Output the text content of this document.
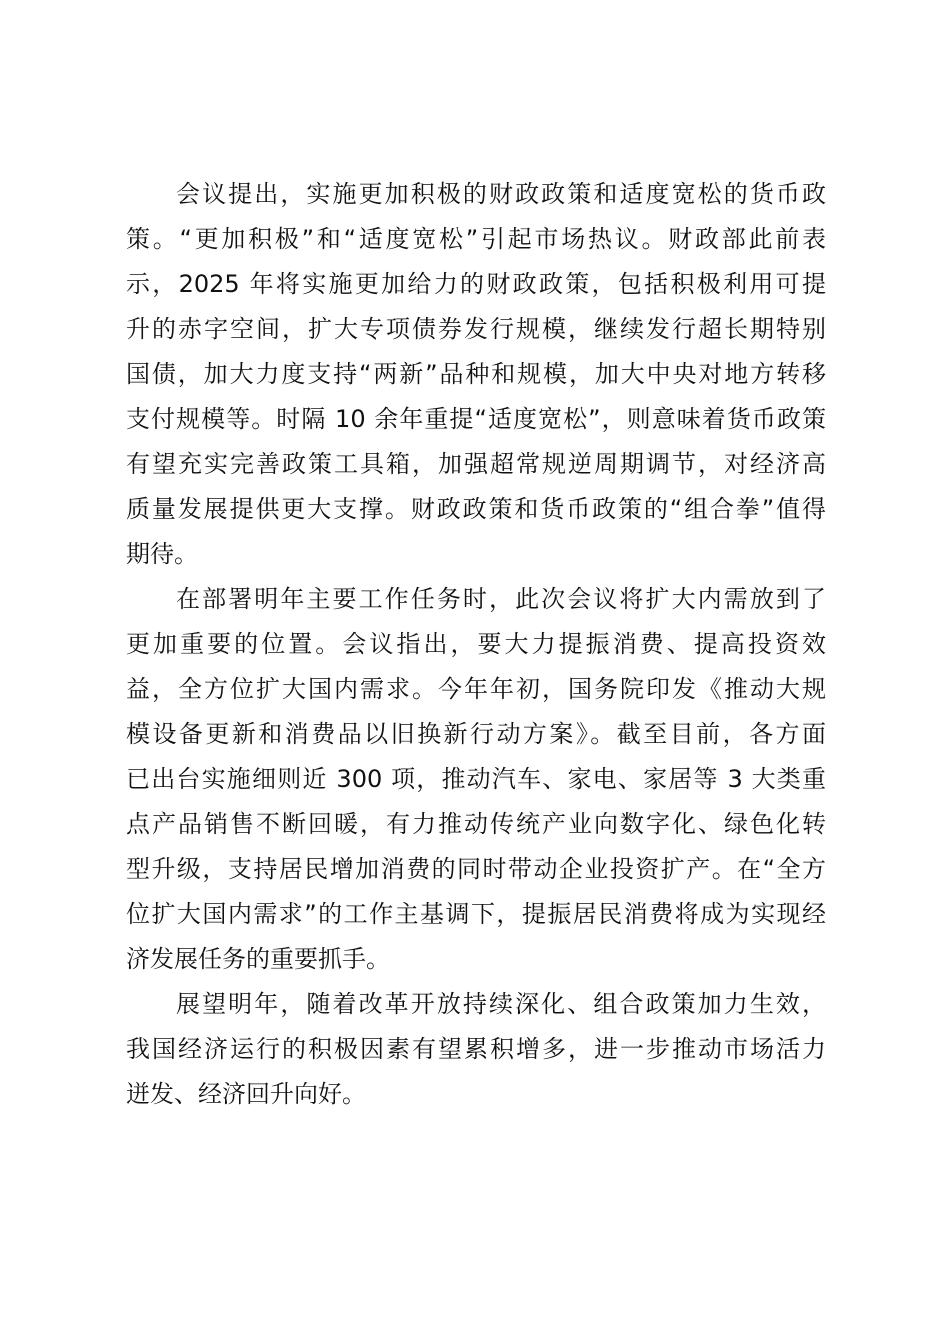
会议提出，实施更加积极的财政政策和适度宽松的货币政
策。“更加积极”和“适度宽松”引起市场热议。财政部此前表
示，2025 年将实施更加给力的财政政策，包括积极利用可提
升的赤字空间，扩大专项债券发行规模，继续发行超长期特别
国债，加大力度支持“两新”品种和规模，加大中央对地方转移
支付规模等。时隔 10 余年重提“适度宽松”，则意味着货币政策
有望充实完善政策工具箱，加强超常规逆周期调节，对经济高
质量发展提供更大支撑。财政政策和货币政策的“组合拳”值得
期待。
在部署明年主要工作任务时，此次会议将扩大内需放到了
更加重要的位置。会议指出，要大力提振消费、提高投资效
益，全方位扩大国内需求。今年年初，国务院印发《推动大规
模设备更新和消费品以旧换新行动方案》。截至目前，各方面
已出台实施细则近 300 项，推动汽车、家电、家居等 3 大类重
点产品销售不断回暖，有力推动传统产业向数字化、绿色化转
型升级，支持居民增加消费的同时带动企业投资扩产。在“全方
位扩大国内需求”的工作主基调下，提振居民消费将成为实现经
济发展任务的重要抓手。
展望明年，随着改革开放持续深化、组合政策加力生效，
我国经济运行的积极因素有望累积增多，进一步推动市场活力
迸发、经济回升向好。
